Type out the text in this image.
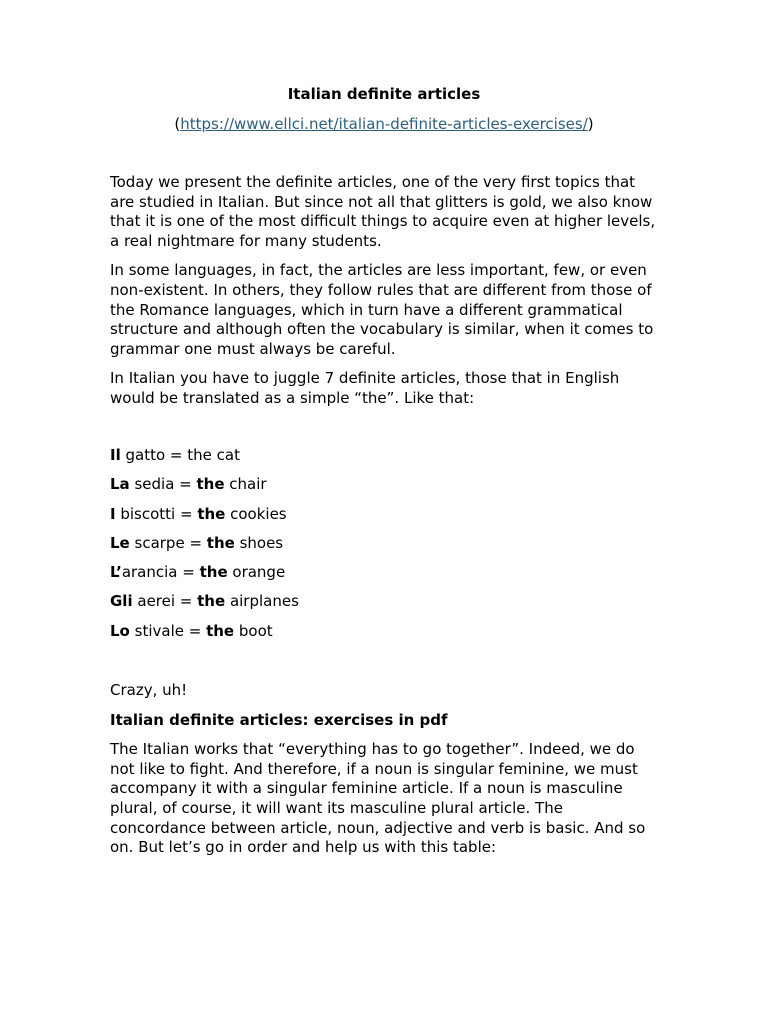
Italian definite articles
(https://www.ellci.net/italian-definite-articles-exercises/)

Today we present the definite articles, one of the very first topics that are studied in Italian. But since not all that glitters is gold, we also know that it is one of the most difficult things to acquire even at higher levels, a real nightmare for many students.

In some languages, in fact, the articles are less important, few, or even non-existent. In others, they follow rules that are different from those of the Romance languages, which in turn have a different grammatical structure and although often the vocabulary is similar, when it comes to grammar one must always be careful.

In Italian you have to juggle 7 definite articles, those that in English would be translated as a simple “the”. Like that:

Il gatto = the cat
La sedia = the chair
I biscotti = the cookies
Le scarpe = the shoes
L’arancia = the orange
Gli aerei = the airplanes
Lo stivale = the boot

Crazy, uh!

Italian definite articles: exercises in pdf

The Italian works that “everything has to go together”. Indeed, we do not like to fight. And therefore, if a noun is singular feminine, we must accompany it with a singular feminine article. If a noun is masculine plural, of course, it will want its masculine plural article. The concordance between article, noun, adjective and verb is basic. And so on. But let’s go in order and help us with this table:
